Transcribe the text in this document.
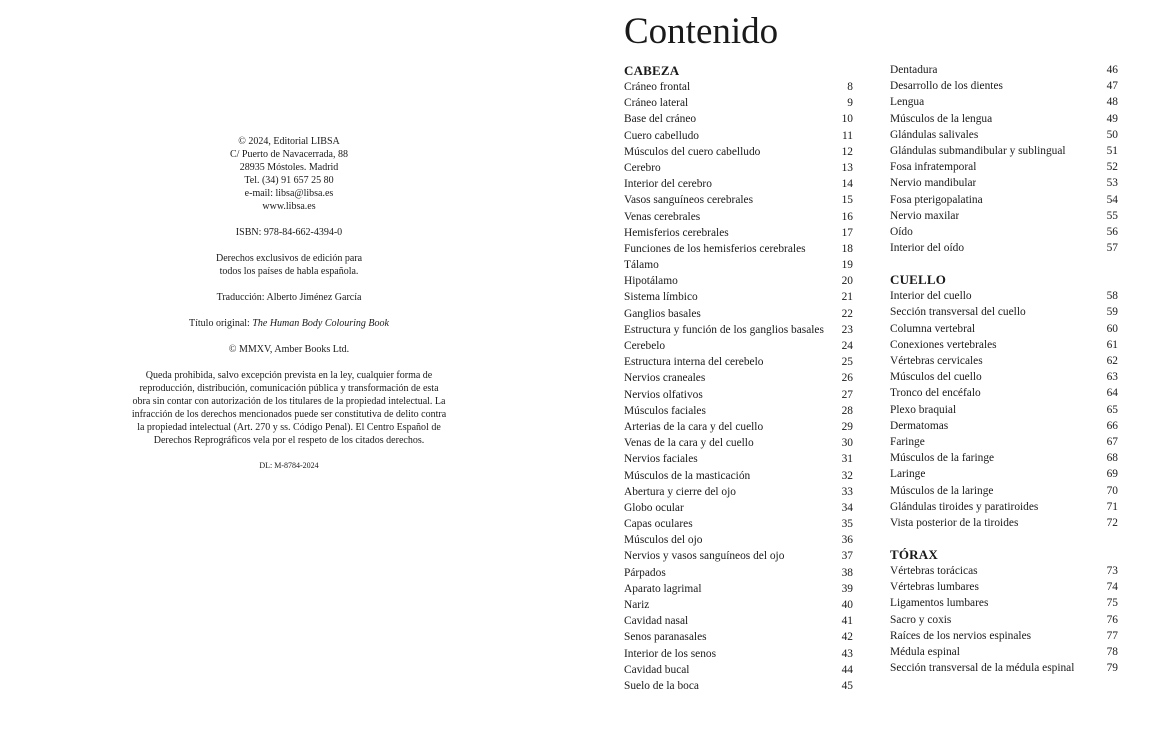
© 2024, Editorial LIBSA
C/ Puerto de Navacerrada, 88
28935 Móstoles. Madrid
Tel. (34) 91 657 25 80
e-mail: libsa@libsa.es
www.libsa.es
ISBN: 978-84-662-4394-0
Derechos exclusivos de edición para
todos los países de habla española.
Traducción: Alberto Jiménez García
Título original: The Human Body Colouring Book
© MMXV, Amber Books Ltd.
Queda prohibida, salvo excepción prevista en la ley, cualquier forma de
reproducción, distribución, comunicación pública y transformación de esta
obra sin contar con autorización de los titulares de la propiedad intelectual. La
infracción de los derechos mencionados puede ser constitutiva de delito contra
la propiedad intelectual (Art. 270 y ss. Código Penal). El Centro Español de
Derechos Reprográficos vela por el respeto de los citados derechos.
DL: M-8784-2024
Contenido
CABEZA
Cráneo frontal	8
Cráneo lateral	9
Base del cráneo	10
Cuero cabelludo	11
Músculos del cuero cabelludo	12
Cerebro	13
Interior del cerebro	14
Vasos sanguíneos cerebrales	15
Venas cerebrales	16
Hemisferios cerebrales	17
Funciones de los hemisferios cerebrales	18
Tálamo	19
Hipotálamo	20
Sistema límbico	21
Ganglios basales	22
Estructura y función de los ganglios basales	23
Cerebelo	24
Estructura interna del cerebelo	25
Nervios craneales	26
Nervios olfativos	27
Músculos faciales	28
Arterias de la cara y del cuello	29
Venas de la cara y del cuello	30
Nervios faciales	31
Músculos de la masticación	32
Abertura y cierre del ojo	33
Globo ocular	34
Capas oculares	35
Músculos del ojo	36
Nervios y vasos sanguíneos del ojo	37
Párpados	38
Aparato lagrimal	39
Nariz	40
Cavidad nasal	41
Senos paranasales	42
Interior de los senos	43
Cavidad bucal	44
Suelo de la boca	45
Dentadura	46
Desarrollo de los dientes	47
Lengua	48
Músculos de la lengua	49
Glándulas salivales	50
Glándulas submandibular y sublingual	51
Fosa infratemporal	52
Nervio mandibular	53
Fosa pterigopalatina	54
Nervio maxilar	55
Oído	56
Interior del oído	57
CUELLO
Interior del cuello	58
Sección transversal del cuello	59
Columna vertebral	60
Conexiones vertebrales	61
Vértebras cervicales	62
Músculos del cuello	63
Tronco del encéfalo	64
Plexo braquial	65
Dermatomas	66
Faringe	67
Músculos de la faringe	68
Laringe	69
Músculos de la laringe	70
Glándulas tiroides y paratiroides	71
Vista posterior de la tiroides	72
TÓRAX
Vértebras torácicas	73
Vértebras lumbares	74
Ligamentos lumbares	75
Sacro y coxis	76
Raíces de los nervios espinales	77
Médula espinal	78
Sección transversal de la médula espinal	79
